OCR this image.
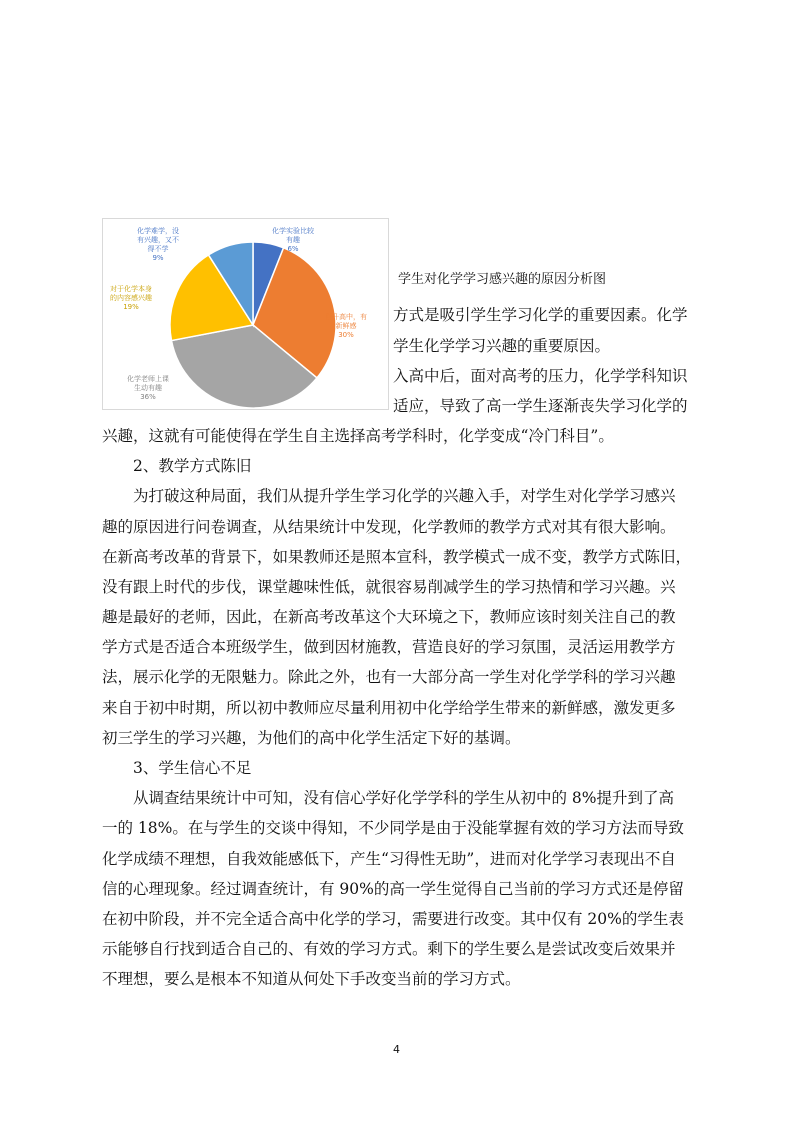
化学实验比较有趣 6%
刚升高中，有新鲜感 30%
化学老师上课生动有趣 36%
对于化学本身的内容感兴趣 19%
化学难学，没有兴趣，又不得不学 9%
学生对化学学习感兴趣的原因分析图
方式是吸引学生学习化学的重要因素。化学
学生化学学习兴趣的重要原因。
入高中后，面对高考的压力，化学学科知识
适应，导致了高一学生逐渐丧失学习化学的
兴趣，这就有可能使得在学生自主选择高考学科时，化学变成“冷门科目”。
2、教学方式陈旧
为打破这种局面，我们从提升学生学习化学的兴趣入手，对学生对化学学习感兴
趣的原因进行问卷调查，从结果统计中发现，化学教师的教学方式对其有很大影响。
在新高考改革的背景下，如果教师还是照本宣科，教学模式一成不变，教学方式陈旧，
没有跟上时代的步伐，课堂趣味性低，就很容易削减学生的学习热情和学习兴趣。兴
趣是最好的老师，因此，在新高考改革这个大环境之下，教师应该时刻关注自己的教
学方式是否适合本班级学生，做到因材施教，营造良好的学习氛围，灵活运用教学方
法，展示化学的无限魅力。除此之外，也有一大部分高一学生对化学学科的学习兴趣
来自于初中时期，所以初中教师应尽量利用初中化学给学生带来的新鲜感，激发更多
初三学生的学习兴趣，为他们的高中化学生活定下好的基调。
3、学生信心不足
从调查结果统计中可知，没有信心学好化学学科的学生从初中的 8%提升到了高
一的 18%。在与学生的交谈中得知，不少同学是由于没能掌握有效的学习方法而导致
化学成绩不理想，自我效能感低下，产生“习得性无助”，进而对化学学习表现出不自
信的心理现象。经过调查统计，有 90%的高一学生觉得自己当前的学习方式还是停留
在初中阶段，并不完全适合高中化学的学习，需要进行改变。其中仅有 20%的学生表
示能够自行找到适合自己的、有效的学习方式。剩下的学生要么是尝试改变后效果并
不理想，要么是根本不知道从何处下手改变当前的学习方式。
4
